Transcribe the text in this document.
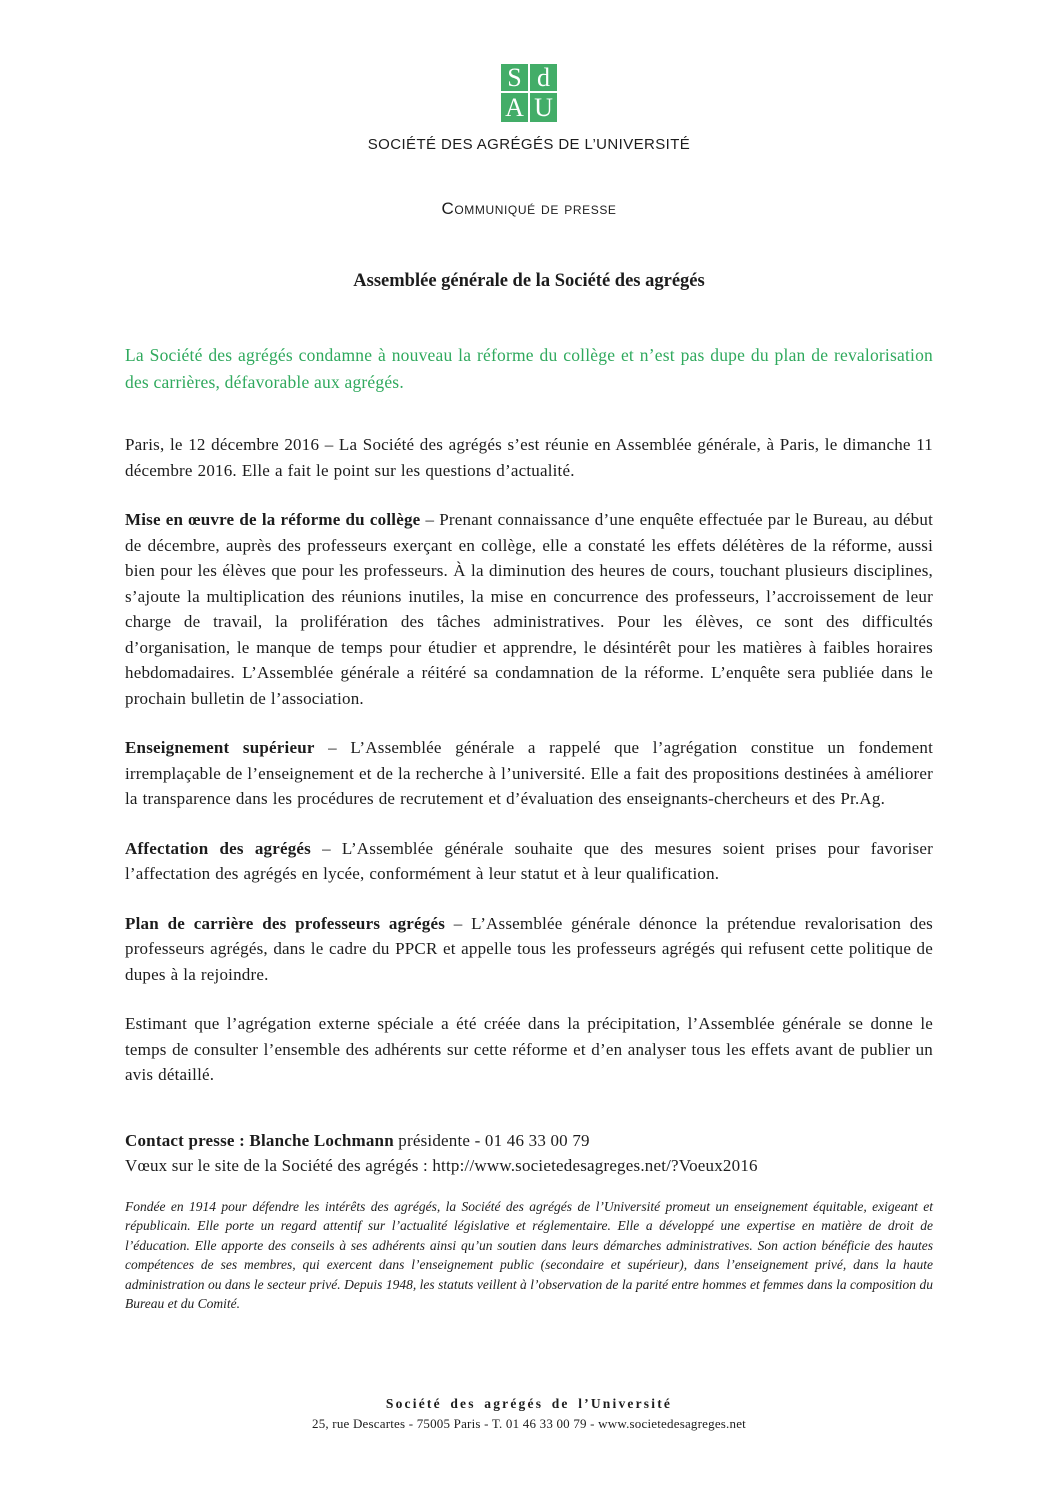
S d
A U
SOCIÉTÉ DES AGRÉGÉS DE L’UNIVERSITÉ
Communiqué de presse
Assemblée générale de la Société des agrégés

La Société des agrégés condamne à nouveau la réforme du collège et n’est pas dupe du plan de revalorisation des carrières, défavorable aux agrégés.

Paris, le 12 décembre 2016 – La Société des agrégés s’est réunie en Assemblée générale, à Paris, le dimanche 11 décembre 2016. Elle a fait le point sur les questions d’actualité.

Mise en œuvre de la réforme du collège – Prenant connaissance d’une enquête effectuée par le Bureau, au début de décembre, auprès des professeurs exerçant en collège, elle a constaté les effets délétères de la réforme, aussi bien pour les élèves que pour les professeurs. À la diminution des heures de cours, touchant plusieurs disciplines, s’ajoute la multiplication des réunions inutiles, la mise en concurrence des professeurs, l’accroissement de leur charge de travail, la prolifération des tâches administratives. Pour les élèves, ce sont des difficultés d’organisation, le manque de temps pour étudier et apprendre, le désintérêt pour les matières à faibles horaires hebdomadaires. L’Assemblée générale a réitéré sa condamnation de la réforme. L’enquête sera publiée dans le prochain bulletin de l’association.

Enseignement supérieur – L’Assemblée générale a rappelé que l’agrégation constitue un fondement irremplaçable de l’enseignement et de la recherche à l’université. Elle a fait des propositions destinées à améliorer la transparence dans les procédures de recrutement et d’évaluation des enseignants-chercheurs et des Pr.Ag.

Affectation des agrégés – L’Assemblée générale souhaite que des mesures soient prises pour favoriser l’affectation des agrégés en lycée, conformément à leur statut et à leur qualification.

Plan de carrière des professeurs agrégés – L’Assemblée générale dénonce la prétendue revalorisation des professeurs agrégés, dans le cadre du PPCR et appelle tous les professeurs agrégés qui refusent cette politique de dupes à la rejoindre.

Estimant que l’agrégation externe spéciale a été créée dans la précipitation, l’Assemblée générale se donne le temps de consulter l’ensemble des adhérents sur cette réforme et d’en analyser tous les effets avant de publier un avis détaillé.

Contact presse : Blanche Lochmann présidente - 01 46 33 00 79

Vœux sur le site de la Société des agrégés : http://www.societedesagreges.net/?Voeux2016

Fondée en 1914 pour défendre les intérêts des agrégés, la Société des agrégés de l’Université promeut un enseignement équitable, exigeant et républicain. Elle porte un regard attentif sur l’actualité législative et réglementaire. Elle a développé une expertise en matière de droit de l’éducation. Elle apporte des conseils à ses adhérents ainsi qu’un soutien dans leurs démarches administratives. Son action bénéficie des hautes compétences de ses membres, qui exercent dans l’enseignement public (secondaire et supérieur), dans l’enseignement privé, dans la haute administration ou dans le secteur privé. Depuis 1948, les statuts veillent à l’observation de la parité entre hommes et femmes dans la composition du Bureau et du Comité.

Société des agrégés de l’Université
25, rue Descartes - 75005 Paris - T. 01 46 33 00 79 - www.societedesagreges.net
